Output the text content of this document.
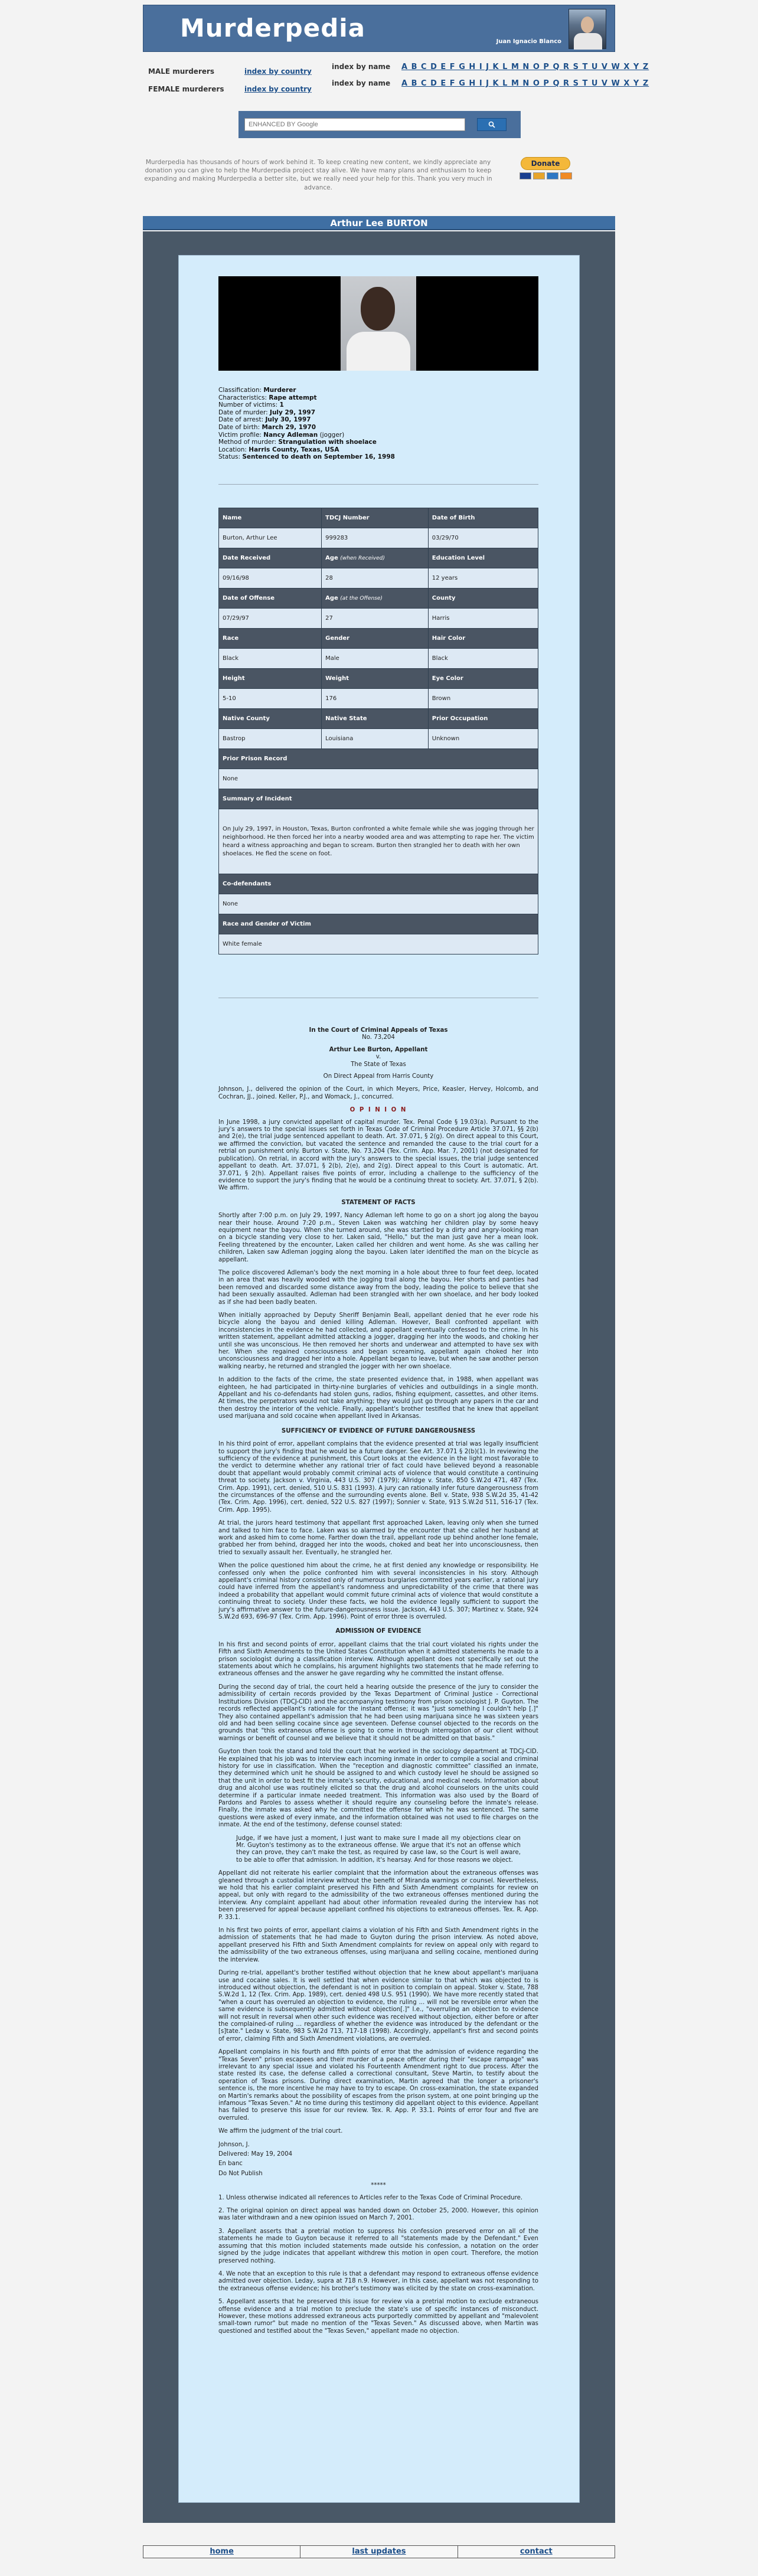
Murderpedia	Juan Ignacio Blanco
MALE murderers	index by country
index by name A B C D E F G H I J K L M N O P Q R S T U V W X Y Z
FEMALE murderers	index by country
index by name A B C D E F G H I J K L M N O P Q R S T U V W X Y Z
ENHANCED BY Google
Murderpedia has thousands of hours of work behind it. To keep creating new content, we kindly appreciate any donation you can give to help the Murderpedia project stay alive. We have many plans and enthusiasm to keep expanding and making Murderpedia a better site, but we really need your help for this. Thank you very much in advance.
Donate
Arthur Lee BURTON
Classification: Murderer
Characteristics: Rape attempt
Number of victims: 1
Date of murder: July 29, 1997
Date of arrest: July 30, 1997
Date of birth: March 29, 1970
Victim profile: Nancy Adleman (jogger)
Method of murder: Strangulation with shoelace
Location: Harris County, Texas, USA
Status: Sentenced to death on September 16, 1998
Name	TDCJ Number	Date of Birth
Burton, Arthur Lee	999283	03/29/70
Date Received	Age (when Received)	Education Level
09/16/98	28	12 years
Date of Offense	Age (at the Offense)	County
07/29/97	27	Harris
Race	Gender	Hair Color
Black	Male	Black
Height	Weight	Eye Color
5-10	176	Brown
Native County	Native State	Prior Occupation
Bastrop	Louisiana	Unknown
Prior Prison Record		
None		
Summary of Incident		
On July 29, 1997, in Houston, Texas, Burton confronted a white female while she was jogging through her neighborhood. He then forced her into a nearby wooded area and was attempting to rape her. The victim heard a witness approaching and began to scream. Burton then strangled her to death with her own shoelaces. He fled the scene on foot.		
Co-defendants		
None		
Race and Gender of Victim		
White female		
In the Court of Criminal Appeals of Texas
No. 73,204
Arthur Lee Burton, Appellant
v.
The State of Texas
On Direct Appeal from Harris County

Johnson, J., delivered the opinion of the Court, in which Meyers, Price, Keasler, Hervey, Holcomb, and Cochran, JJ., joined. Keller, P.J., and Womack, J., concurred.

O P I N I O N

In June 1998, a jury convicted appellant of capital murder. Tex. Penal Code § 19.03(a). Pursuant to the jury's answers to the special issues set forth in Texas Code of Criminal Procedure Article 37.071, §§ 2(b) and 2(e), the trial judge sentenced appellant to death. Art. 37.071, § 2(g). On direct appeal to this Court, we affirmed the conviction, but vacated the sentence and remanded the cause to the trial court for a retrial on punishment only. Burton v. State, No. 73,204 (Tex. Crim. App. Mar. 7, 2001) (not designated for publication). On retrial, in accord with the jury's answers to the special issues, the trial judge sentenced appellant to death. Art. 37.071, § 2(b), 2(e), and 2(g). Direct appeal to this Court is automatic. Art. 37.071, § 2(h). Appellant raises five points of error, including a challenge to the sufficiency of the evidence to support the jury's finding that he would be a continuing threat to society. Art. 37.071, § 2(b). We affirm.

STATEMENT OF FACTS

Shortly after 7:00 p.m. on July 29, 1997, Nancy Adleman left home to go on a short jog along the bayou near their house. Around 7:20 p.m., Steven Laken was watching her children play by some heavy equipment near the bayou. When she turned around, she was startled by a dirty and angry-looking man on a bicycle standing very close to her. Laken said, "Hello," but the man just gave her a mean look. Feeling threatened by the encounter, Laken called her children and went home. As she was calling her children, Laken saw Adleman jogging along the bayou. Laken later identified the man on the bicycle as appellant.

The police discovered Adleman's body the next morning in a hole about three to four feet deep, located in an area that was heavily wooded with the jogging trail along the bayou. Her shorts and panties had been removed and discarded some distance away from the body, leading the police to believe that she had been sexually assaulted. Adleman had been strangled with her own shoelace, and her body looked as if she had been badly beaten.

When initially approached by Deputy Sheriff Benjamin Beall, appellant denied that he ever rode his bicycle along the bayou and denied killing Adleman. However, Beall confronted appellant with inconsistencies in the evidence he had collected, and appellant eventually confessed to the crime. In his written statement, appellant admitted attacking a jogger, dragging her into the woods, and choking her until she was unconscious. He then removed her shorts and underwear and attempted to have sex with her. When she regained consciousness and began screaming, appellant again choked her into unconsciousness and dragged her into a hole. Appellant began to leave, but when he saw another person walking nearby, he returned and strangled the jogger with her own shoelace.

In addition to the facts of the crime, the state presented evidence that, in 1988, when appellant was eighteen, he had participated in thirty-nine burglaries of vehicles and outbuildings in a single month. Appellant and his co-defendants had stolen guns, radios, fishing equipment, cassettes, and other items. At times, the perpetrators would not take anything; they would just go through any papers in the car and then destroy the interior of the vehicle. Finally, appellant's brother testified that he knew that appellant used marijuana and sold cocaine when appellant lived in Arkansas.

SUFFICIENCY OF EVIDENCE OF FUTURE DANGEROUSNESS

In his third point of error, appellant complains that the evidence presented at trial was legally insufficient to support the jury's finding that he would be a future danger. See Art. 37.071 § 2(b)(1). In reviewing the sufficiency of the evidence at punishment, this Court looks at the evidence in the light most favorable to the verdict to determine whether any rational trier of fact could have believed beyond a reasonable doubt that appellant would probably commit criminal acts of violence that would constitute a continuing threat to society. Jackson v. Virginia, 443 U.S. 307 (1979); Allridge v. State, 850 S.W.2d 471, 487 (Tex. Crim. App. 1991), cert. denied, 510 U.S. 831 (1993). A jury can rationally infer future dangerousness from the circumstances of the offense and the surrounding events alone. Bell v. State, 938 S.W.2d 35, 41-42 (Tex. Crim. App. 1996), cert. denied, 522 U.S. 827 (1997); Sonnier v. State, 913 S.W.2d 511, 516-17 (Tex. Crim. App. 1995).

At trial, the jurors heard testimony that appellant first approached Laken, leaving only when she turned and talked to him face to face. Laken was so alarmed by the encounter that she called her husband at work and asked him to come home. Farther down the trail, appellant rode up behind another lone female, grabbed her from behind, dragged her into the woods, choked and beat her into unconsciousness, then tried to sexually assault her. Eventually, he strangled her.

When the police questioned him about the crime, he at first denied any knowledge or responsibility. He confessed only when the police confronted him with several inconsistencies in his story. Although appellant's criminal history consisted only of numerous burglaries committed years earlier, a rational jury could have inferred from the appellant's randomness and unpredictability of the crime that there was indeed a probability that appellant would commit future criminal acts of violence that would constitute a continuing threat to society. Under these facts, we hold the evidence legally sufficient to support the jury's affirmative answer to the future-dangerousness issue. Jackson, 443 U.S. 307; Martinez v. State, 924 S.W.2d 693, 696-97 (Tex. Crim. App. 1996). Point of error three is overruled.

ADMISSION OF EVIDENCE

In his first and second points of error, appellant claims that the trial court violated his rights under the Fifth and Sixth Amendments to the United States Constitution when it admitted statements he made to a prison sociologist during a classification interview. Although appellant does not specifically set out the statements about which he complains, his argument highlights two statements that he made referring to extraneous offenses and the answer he gave regarding why he committed the instant offense.

During the second day of trial, the court held a hearing outside the presence of the jury to consider the admissibility of certain records provided by the Texas Department of Criminal Justice - Correctional Institutions Division (TDCJ-CID) and the accompanying testimony from prison sociologist J. P. Guyton. The records reflected appellant's rationale for the instant offense; it was "just something I couldn't help [.]" They also contained appellant's admission that he had been using marijuana since he was sixteen years old and had been selling cocaine since age seventeen. Defense counsel objected to the records on the grounds that "this extraneous offense is going to come in through interrogation of our client without warnings or benefit of counsel and we believe that it should not be admitted on that basis."

Guyton then took the stand and told the court that he worked in the sociology department at TDCJ-CID. He explained that his job was to interview each incoming inmate in order to compile a social and criminal history for use in classification. When the "reception and diagnostic committee" classified an inmate, they determined which unit he should be assigned to and which custody level he should be assigned so that the unit in order to best fit the inmate's security, educational, and medical needs. Information about drug and alcohol use was routinely elicited so that the drug and alcohol counselors on the units could determine if a particular inmate needed treatment. This information was also used by the Board of Pardons and Paroles to assess whether it should require any counseling before the inmate's release. Finally, the inmate was asked why he committed the offense for which he was sentenced. The same questions were asked of every inmate, and the information obtained was not used to file charges on the inmate. At the end of the testimony, defense counsel stated:

Judge, if we have just a moment, I just want to make sure I made all my objections clear on Mr. Guyton's testimony as to the extraneous offense. We argue that it's not an offense which they can prove, they can't make the test, as required by case law, so the Court is well aware, to be able to offer that admission. In addition, it's hearsay. And for those reasons we object.

Appellant did not reiterate his earlier complaint that the information about the extraneous offenses was gleaned through a custodial interview without the benefit of Miranda warnings or counsel. Nevertheless, we hold that his earlier complaint preserved his Fifth and Sixth Amendment complaints for review on appeal, but only with regard to the admissibility of the two extraneous offenses mentioned during the interview. Any complaint appellant had about other information revealed during the interview has not been preserved for appeal because appellant confined his objections to extraneous offenses. Tex. R. App. P. 33.1.

In his first two points of error, appellant claims a violation of his Fifth and Sixth Amendment rights in the admission of statements that he had made to Guyton during the prison interview. As noted above, appellant preserved his Fifth and Sixth Amendment complaints for review on appeal only with regard to the admissibility of the two extraneous offenses, using marijuana and selling cocaine, mentioned during the interview.

During re-trial, appellant's brother testified without objection that he knew about appellant's marijuana use and cocaine sales. It is well settled that when evidence similar to that which was objected to is introduced without objection, the defendant is not in position to complain on appeal. Stoker v. State, 788 S.W.2d 1, 12 (Tex. Crim. App. 1989), cert. denied 498 U.S. 951 (1990). We have more recently stated that "when a court has overruled an objection to evidence, the ruling ... will not be reversible error when the same evidence is subsequently admitted without objection[.]" I.e., "overruling an objection to evidence will not result in reversal when other such evidence was received without objection, either before or after the complained-of ruling ... regardless of whether the evidence was introduced by the defendant or the [s]tate." Leday v. State, 983 S.W.2d 713, 717-18 (1998). Accordingly, appellant's first and second points of error, claiming Fifth and Sixth Amendment violations, are overruled.

Appellant complains in his fourth and fifth points of error that the admission of evidence regarding the "Texas Seven" prison escapees and their murder of a peace officer during their "escape rampage" was irrelevant to any special issue and violated his Fourteenth Amendment right to due process. After the state rested its case, the defense called a correctional consultant, Steve Martin, to testify about the operation of Texas prisons. During direct examination, Martin agreed that the longer a prisoner's sentence is, the more incentive he may have to try to escape. On cross-examination, the state expanded on Martin's remarks about the possibility of escapes from the prison system, at one point bringing up the infamous "Texas Seven." At no time during this testimony did appellant object to this evidence. Appellant has failed to preserve this issue for our review. Tex. R. App. P. 33.1. Points of error four and five are overruled.

We affirm the judgment of the trial court.

Johnson, J.

Delivered: May 19, 2004

En banc

Do Not Publish

*****

1. Unless otherwise indicated all references to Articles refer to the Texas Code of Criminal Procedure.

2. The original opinion on direct appeal was handed down on October 25, 2000. However, this opinion was later withdrawn and a new opinion issued on March 7, 2001.

3. Appellant asserts that a pretrial motion to suppress his confession preserved error on all of the statements he made to Guyton because it referred to all "statements made by the Defendant." Even assuming that this motion included statements made outside his confession, a notation on the order signed by the judge indicates that appellant withdrew this motion in open court. Therefore, the motion preserved nothing.

4. We note that an exception to this rule is that a defendant may respond to extraneous offense evidence admitted over objection. Leday, supra at 718 n.9. However, in this case, appellant was not responding to the extraneous offense evidence; his brother's testimony was elicited by the state on cross-examination.

5. Appellant asserts that he preserved this issue for review via a pretrial motion to exclude extraneous offense evidence and a trial motion to preclude the state's use of specific instances of misconduct. However, these motions addressed extraneous acts purportedly committed by appellant and "malevolent small-town rumor" but made no mention of the "Texas Seven." As discussed above, when Martin was questioned and testified about the "Texas Seven," appellant made no objection.

home	last updates	contact
